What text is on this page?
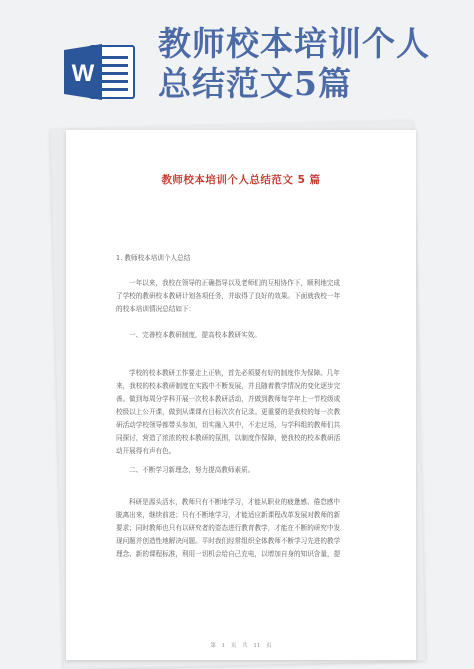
W
教师校本培训个人
总结范文5篇
教师校本培训个人总结范文 5 篇
1. 教师校本培训个人总结
一年以来，我校在领导的正确指导以及老师们的互相协作下，顺利地完成
了学校的教研校本教研计划各项任务，并取得了良好的效果。下面就我校一年
的校本培训情况总结如下：
一、完善校本教研制度，提高校本教研实效。
学校的校本教研工作要走上正轨，首先必须要有好的制度作为保障。几年
来，我校的校本教研制度在实践中不断发展，并且随着教学情况的变化逐步完
善。做到每周分学科开展一次校本教研活动，并做到教师每学年上一节校级或
校级以上公开课，做到从课课有目标次次有记录。更重要的是我校的每一次教
研活动学校领导都带头参加，切实融入其中，不走过场，与学科组的教师们共
同探讨，营造了浓浓的校本教研的氛围，以制度作保障，使我校的校本教研活
动开展得有声有色。
二、不断学习新理念，努力提高教师素质。
科研是源头活水，教师只有不断地学习，才能从职业的疲惫感、倦怠感中
脱离出来，继续前进；只有不断地学习，才能适应新课程改革发展对教师的新
要求；同时教师也只有以研究者的姿态进行教育教学，才能在不断的研究中发
现问题并创造性地解决问题。平时我们经常组织全体教师不断学习先进的教学
理念、新的课程标准，利用一切机会给自己充电，以增加自身的知识含量，提
第 1 页 共 11 页
